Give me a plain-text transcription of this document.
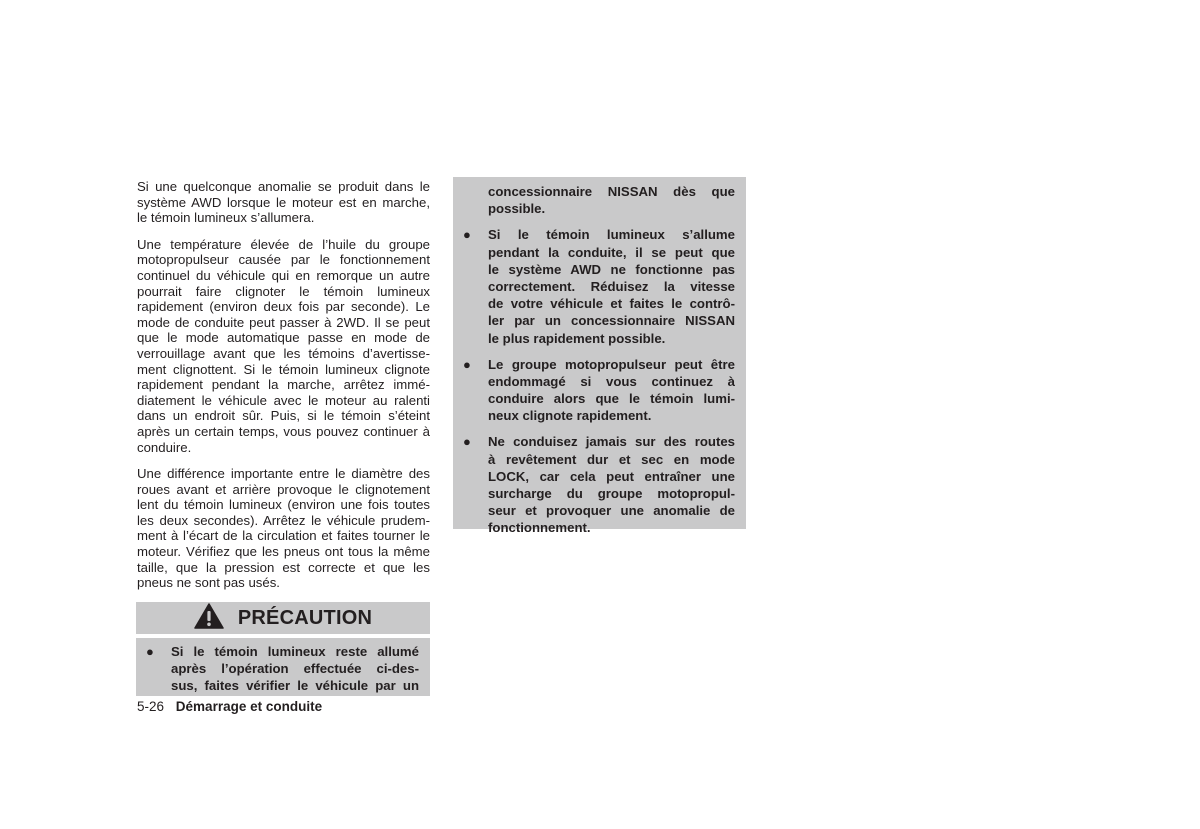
Si une quelconque anomalie se produit dans le
système AWD lorsque le moteur est en marche,
le témoin lumineux s’allumera.

Une température élevée de l’huile du groupe
motopropulseur causée par le fonctionnement
continuel du véhicule qui en remorque un autre
pourrait faire clignoter le témoin lumineux
rapidement (environ deux fois par seconde). Le
mode de conduite peut passer à 2WD. Il se peut
que le mode automatique passe en mode de
verrouillage avant que les témoins d’avertisse-
ment clignottent. Si le témoin lumineux clignote
rapidement pendant la marche, arrêtez immé-
diatement le véhicule avec le moteur au ralenti
dans un endroit sûr. Puis, si le témoin s’éteint
après un certain temps, vous pouvez continuer à
conduire.

Une différence importante entre le diamètre des
roues avant et arrière provoque le clignotement
lent du témoin lumineux (environ une fois toutes
les deux secondes). Arrêtez le véhicule prudem-
ment à l’écart de la circulation et faites tourner le
moteur. Vérifiez que les pneus ont tous la même
taille, que la pression est correcte et que les
pneus ne sont pas usés.

PRÉCAUTION
● Si le témoin lumineux reste allumé
après l’opération effectuée ci-des-
sus, faites vérifier le véhicule par un
concessionnaire NISSAN dès que
possible.
● Si le témoin lumineux s’allume
pendant la conduite, il se peut que
le système AWD ne fonctionne pas
correctement. Réduisez la vitesse
de votre véhicule et faites le contrô-
ler par un concessionnaire NISSAN
le plus rapidement possible.
● Le groupe motopropulseur peut être
endommagé si vous continuez à
conduire alors que le témoin lumi-
neux clignote rapidement.
● Ne conduisez jamais sur des routes
à revêtement dur et sec en mode
LOCK, car cela peut entraîner une
surcharge du groupe motopropul-
seur et provoquer une anomalie de
fonctionnement.
5-26 Démarrage et conduite
